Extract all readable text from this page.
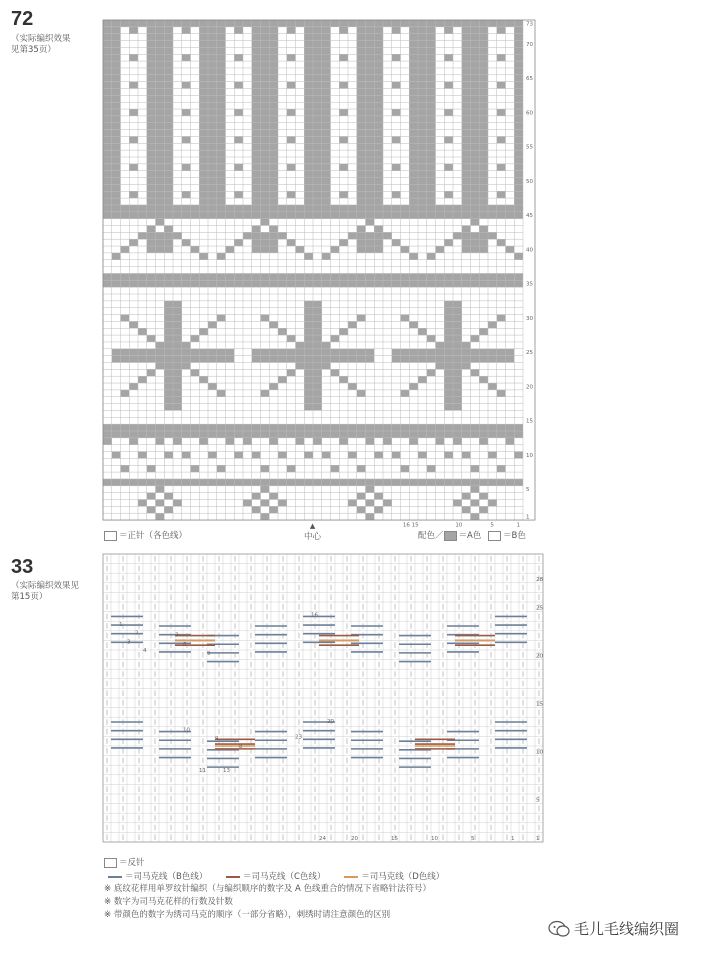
72
（实际编织效果
见第35页）
1
5
10
15
20
25
30
35
40
45
50
55
60
65
70
73
16 15	10	5	1
＝正针（各色线）
▲
中心	配色／ ＝A色	＝B色
33
（实际编织效果见
第15页）
1
2
3
4
3
6
9
16
10
9
8
23
20
11	13
1
5
10
15
20
25
28
24	20	15	10	5	1
＝反针
＝司马克线（B色线）	＝司马克线（C色线）	＝司马克线（D色线）
※ 底纹花样用单罗纹针编织（与编织顺序的数字及 A 色线重合的情况下省略针法符号）
※ 数字为司马克花样的行数及针数
※ 带颜色的数字为绣司马克的顺序（一部分省略），刺绣时请注意颜色的区别
毛儿毛线编织圈
